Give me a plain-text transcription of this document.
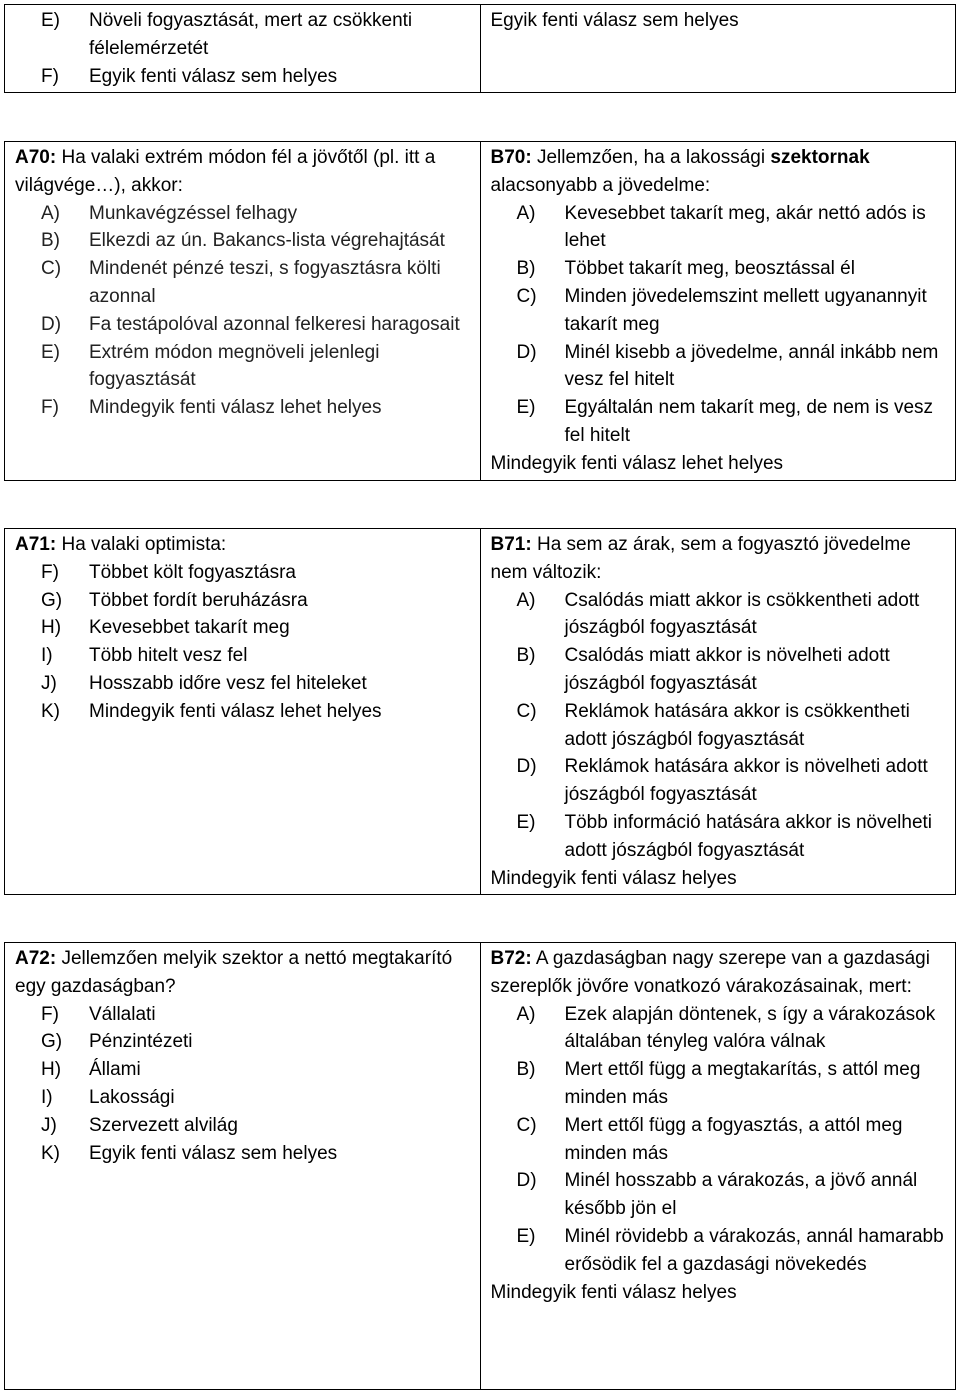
E)	Növeli fogyasztását, mert az csökkenti félelemérzetét
F)	Egyik fenti válasz sem helyes
	Egyik fenti válasz sem helyes
A70: Ha valaki extrém módon fél a jövőtől (pl. itt a világvége…), akkor:
A)	Munkavégzéssel felhagy
B)	Elkezdi az ún. Bakancs-lista végrehajtását
C)	Mindenét pénzé teszi, s fogyasztásra költi azonnal
D)	Fa testápolóval azonnal felkeresi haragosait
E)	Extrém módon megnöveli jelenlegi fogyasztását
F)	Mindegyik fenti válasz lehet helyes

B70: Jellemzően, ha a lakossági szektornak alacsonyabb a jövedelme:
A)	Kevesebbet takarít meg, akár nettó adós is lehet
B)	Többet takarít meg, beosztással él
C)	Minden jövedelemszint mellett ugyanannyit takarít meg
D)	Minél kisebb a jövedelme, annál inkább nem vesz fel hitelt
E)	Egyáltalán nem takarít meg, de nem is vesz fel hitelt
Mindegyik fenti válasz lehet helyes
A71: Ha valaki optimista:
F)	Többet költ fogyasztásra
G)	Többet fordít beruházásra
H)	Kevesebbet takarít meg
I)	Több hitelt vesz fel
J)	Hosszabb időre vesz fel hiteleket
K)	Mindegyik fenti válasz lehet helyes

B71: Ha sem az árak, sem a fogyasztó jövedelme nem változik:
A)	Csalódás miatt akkor is csökkentheti adott jószágból fogyasztását
B)	Csalódás miatt akkor is növelheti adott jószágból fogyasztását
C)	Reklámok hatására akkor is csökkentheti adott jószágból fogyasztását
D)	Reklámok hatására akkor is növelheti adott jószágból fogyasztását
E)	Több információ hatására akkor is növelheti adott jószágból fogyasztását
Mindegyik fenti válasz helyes
A72: Jellemzően melyik szektor a nettó megtakarító egy gazdaságban?
F)	Vállalati
G)	Pénzintézeti
H)	Állami
I)	Lakossági
J)	Szervezett alvilág
K)	Egyik fenti válasz sem helyes

B72: A gazdaságban nagy szerepe van a gazdasági szereplők jövőre vonatkozó várakozásainak, mert:
A)	Ezek alapján döntenek, s így a várakozások általában tényleg valóra válnak
B)	Mert ettől függ a megtakarítás, s attól meg minden más
C)	Mert ettől függ a fogyasztás, a attól meg minden más
D)	Minél hosszabb a várakozás, a jövő annál később jön el
E)	Minél rövidebb a várakozás, annál hamarabb erősödik fel a gazdasági növekedés
Mindegyik fenti válasz helyes
